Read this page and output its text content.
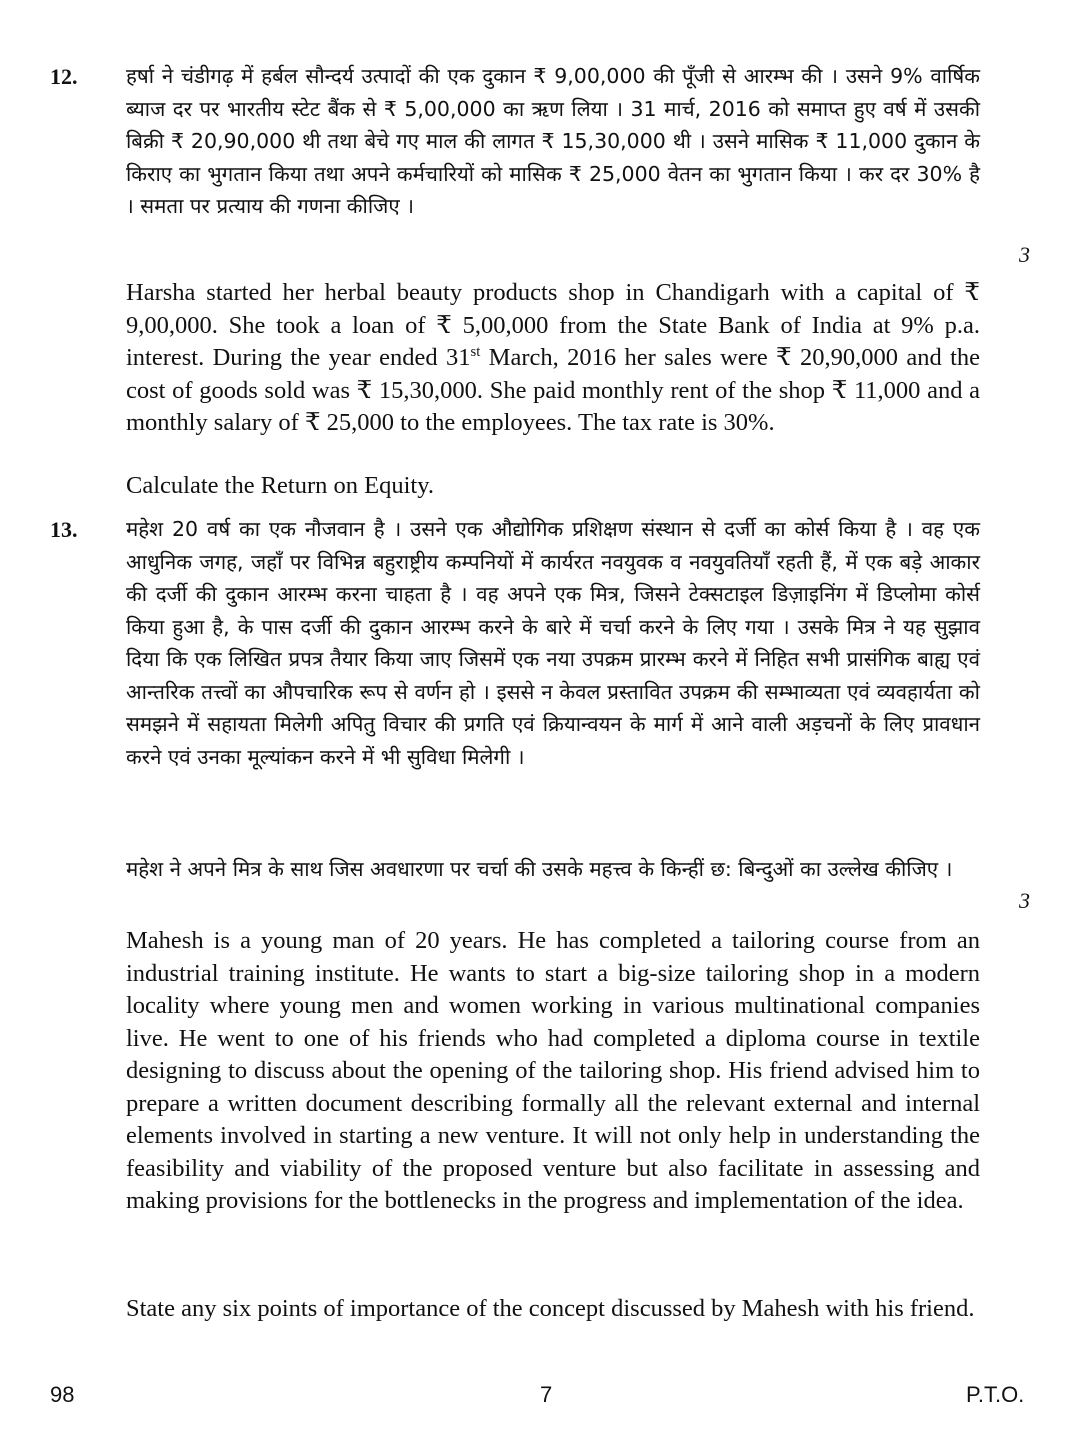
12. हर्षा ने चंडीगढ़ में हर्बल सौन्दर्य उत्पादों की एक दुकान ₹ 9,00,000 की पूँजी से आरम्भ की । उसने 9% वार्षिक ब्याज दर पर भारतीय स्टेट बैंक से ₹ 5,00,000 का ऋण लिया । 31 मार्च, 2016 को समाप्त हुए वर्ष में उसकी बिक्री ₹ 20,90,000 थी तथा बेचे गए माल की लागत ₹ 15,30,000 थी । उसने मासिक ₹ 11,000 दुकान के किराए का भुगतान किया तथा अपने कर्मचारियों को मासिक ₹ 25,000 वेतन का भुगतान किया । कर दर 30% है । समता पर प्रत्याय की गणना कीजिए ।
3
Harsha started her herbal beauty products shop in Chandigarh with a capital of ₹ 9,00,000. She took a loan of ₹ 5,00,000 from the State Bank of India at 9% p.a. interest. During the year ended 31st March, 2016 her sales were ₹ 20,90,000 and the cost of goods sold was ₹ 15,30,000. She paid monthly rent of the shop ₹ 11,000 and a monthly salary of ₹ 25,000 to the employees. The tax rate is 30%.
Calculate the Return on Equity.
13. महेश 20 वर्ष का एक नौजवान है । उसने एक औद्योगिक प्रशिक्षण संस्थान से दर्जी का कोर्स किया है । वह एक आधुनिक जगह, जहाँ पर विभिन्न बहुराष्ट्रीय कम्पनियों में कार्यरत नवयुवक व नवयुवतियाँ रहती हैं, में एक बड़े आकार की दर्जी की दुकान आरम्भ करना चाहता है । वह अपने एक मित्र, जिसने टेक्सटाइल डिज़ाइनिंग में डिप्लोमा कोर्स किया हुआ है, के पास दर्जी की दुकान आरम्भ करने के बारे में चर्चा करने के लिए गया । उसके मित्र ने यह सुझाव दिया कि एक लिखित प्रपत्र तैयार किया जाए जिसमें एक नया उपक्रम प्रारम्भ करने में निहित सभी प्रासंगिक बाह्य एवं आन्तरिक तत्त्वों का औपचारिक रूप से वर्णन हो । इससे न केवल प्रस्तावित उपक्रम की सम्भाव्यता एवं व्यवहार्यता को समझने में सहायता मिलेगी अपितु विचार की प्रगति एवं क्रियान्वयन के मार्ग में आने वाली अड़चनों के लिए प्रावधान करने एवं उनका मूल्यांकन करने में भी सुविधा मिलेगी ।
महेश ने अपने मित्र के साथ जिस अवधारणा पर चर्चा की उसके महत्त्व के किन्हीं छ: बिन्दुओं का उल्लेख कीजिए ।
3
Mahesh is a young man of 20 years. He has completed a tailoring course from an industrial training institute. He wants to start a big-size tailoring shop in a modern locality where young men and women working in various multinational companies live. He went to one of his friends who had completed a diploma course in textile designing to discuss about the opening of the tailoring shop. His friend advised him to prepare a written document describing formally all the relevant external and internal elements involved in starting a new venture. It will not only help in understanding the feasibility and viability of the proposed venture but also facilitate in assessing and making provisions for the bottlenecks in the progress and implementation of the idea.
State any six points of importance of the concept discussed by Mahesh with his friend.
98	7	P.T.O.
